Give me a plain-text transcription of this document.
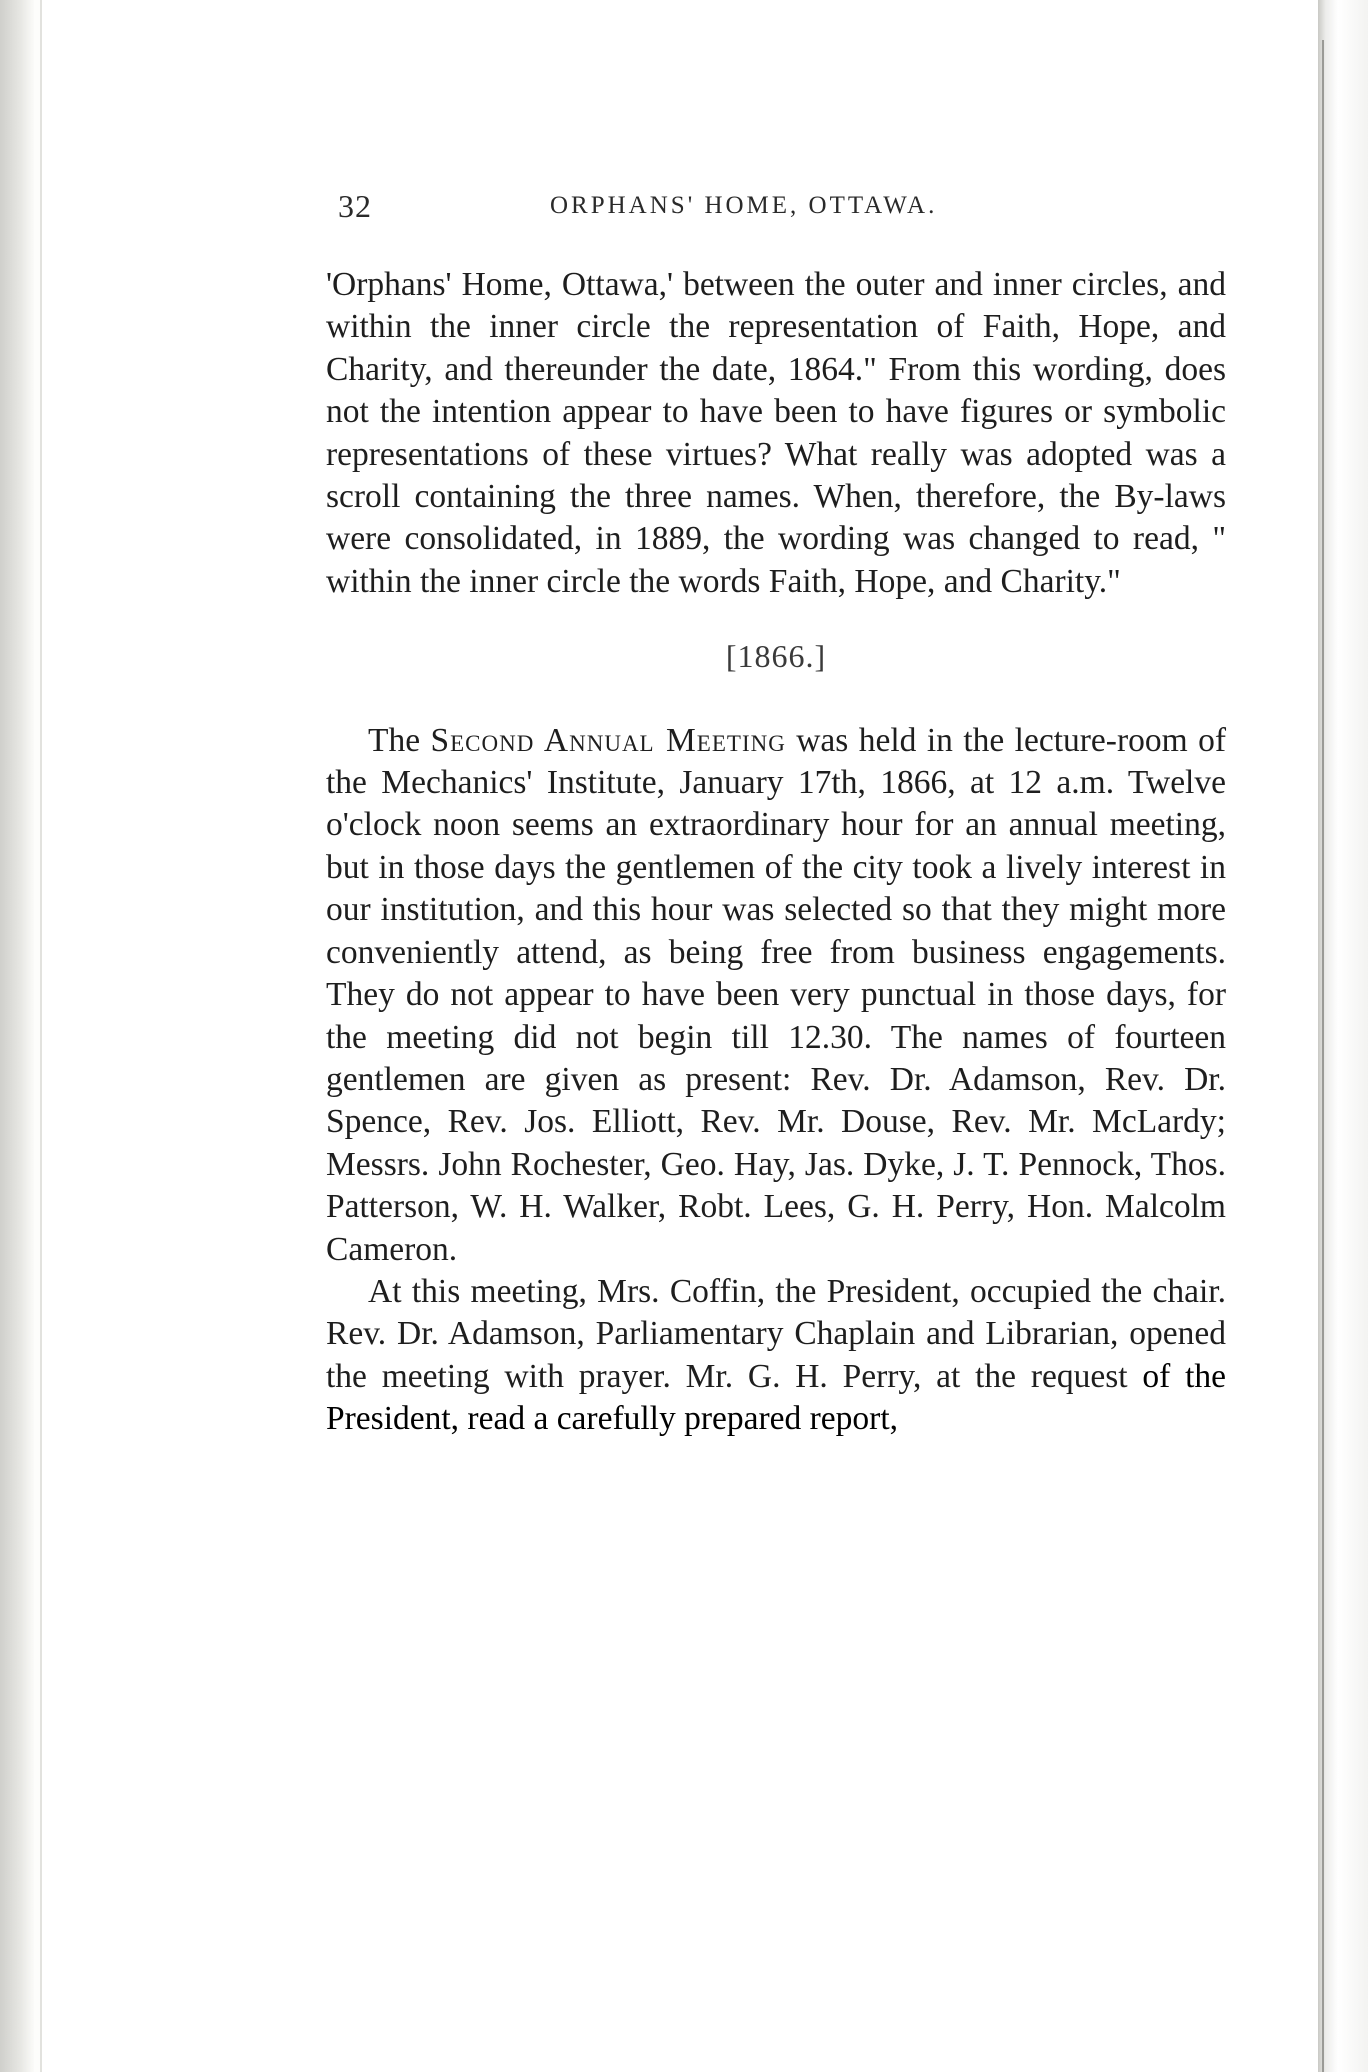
32	ORPHANS' HOME, OTTAWA.

'Orphans' Home, Ottawa,' between the outer and inner circles, and within the inner circle the representation of Faith, Hope, and Charity, and thereunder the date, 1864." From this wording, does not the intention appear to have been to have figures or symbolic representations of these virtues? What really was adopted was a scroll containing the three names. When, therefore, the By-laws were consolidated, in 1889, the wording was changed to read, " within the inner circle the words Faith, Hope, and Charity."

[1866.]

The Second Annual Meeting was held in the lecture-room of the Mechanics' Institute, January 17th, 1866, at 12 a.m. Twelve o'clock noon seems an extraordinary hour for an annual meeting, but in those days the gentlemen of the city took a lively interest in our institution, and this hour was selected so that they might more conveniently attend, as being free from business engagements. They do not appear to have been very punctual in those days, for the meeting did not begin till 12.30. The names of fourteen gentlemen are given as present: Rev. Dr. Adamson, Rev. Dr. Spence, Rev. Jos. Elliott, Rev. Mr. Douse, Rev. Mr. McLardy; Messrs. John Rochester, Geo. Hay, Jas. Dyke, J. T. Pennock, Thos. Patterson, W. H. Walker, Robt. Lees, G. H. Perry, Hon. Malcolm Cameron.

At this meeting, Mrs. Coffin, the President, occupied the chair. Rev. Dr. Adamson, Parliamentary Chaplain and Librarian, opened the meeting with prayer. Mr. G. H. Perry, at the request of the President, read a carefully prepared report,
